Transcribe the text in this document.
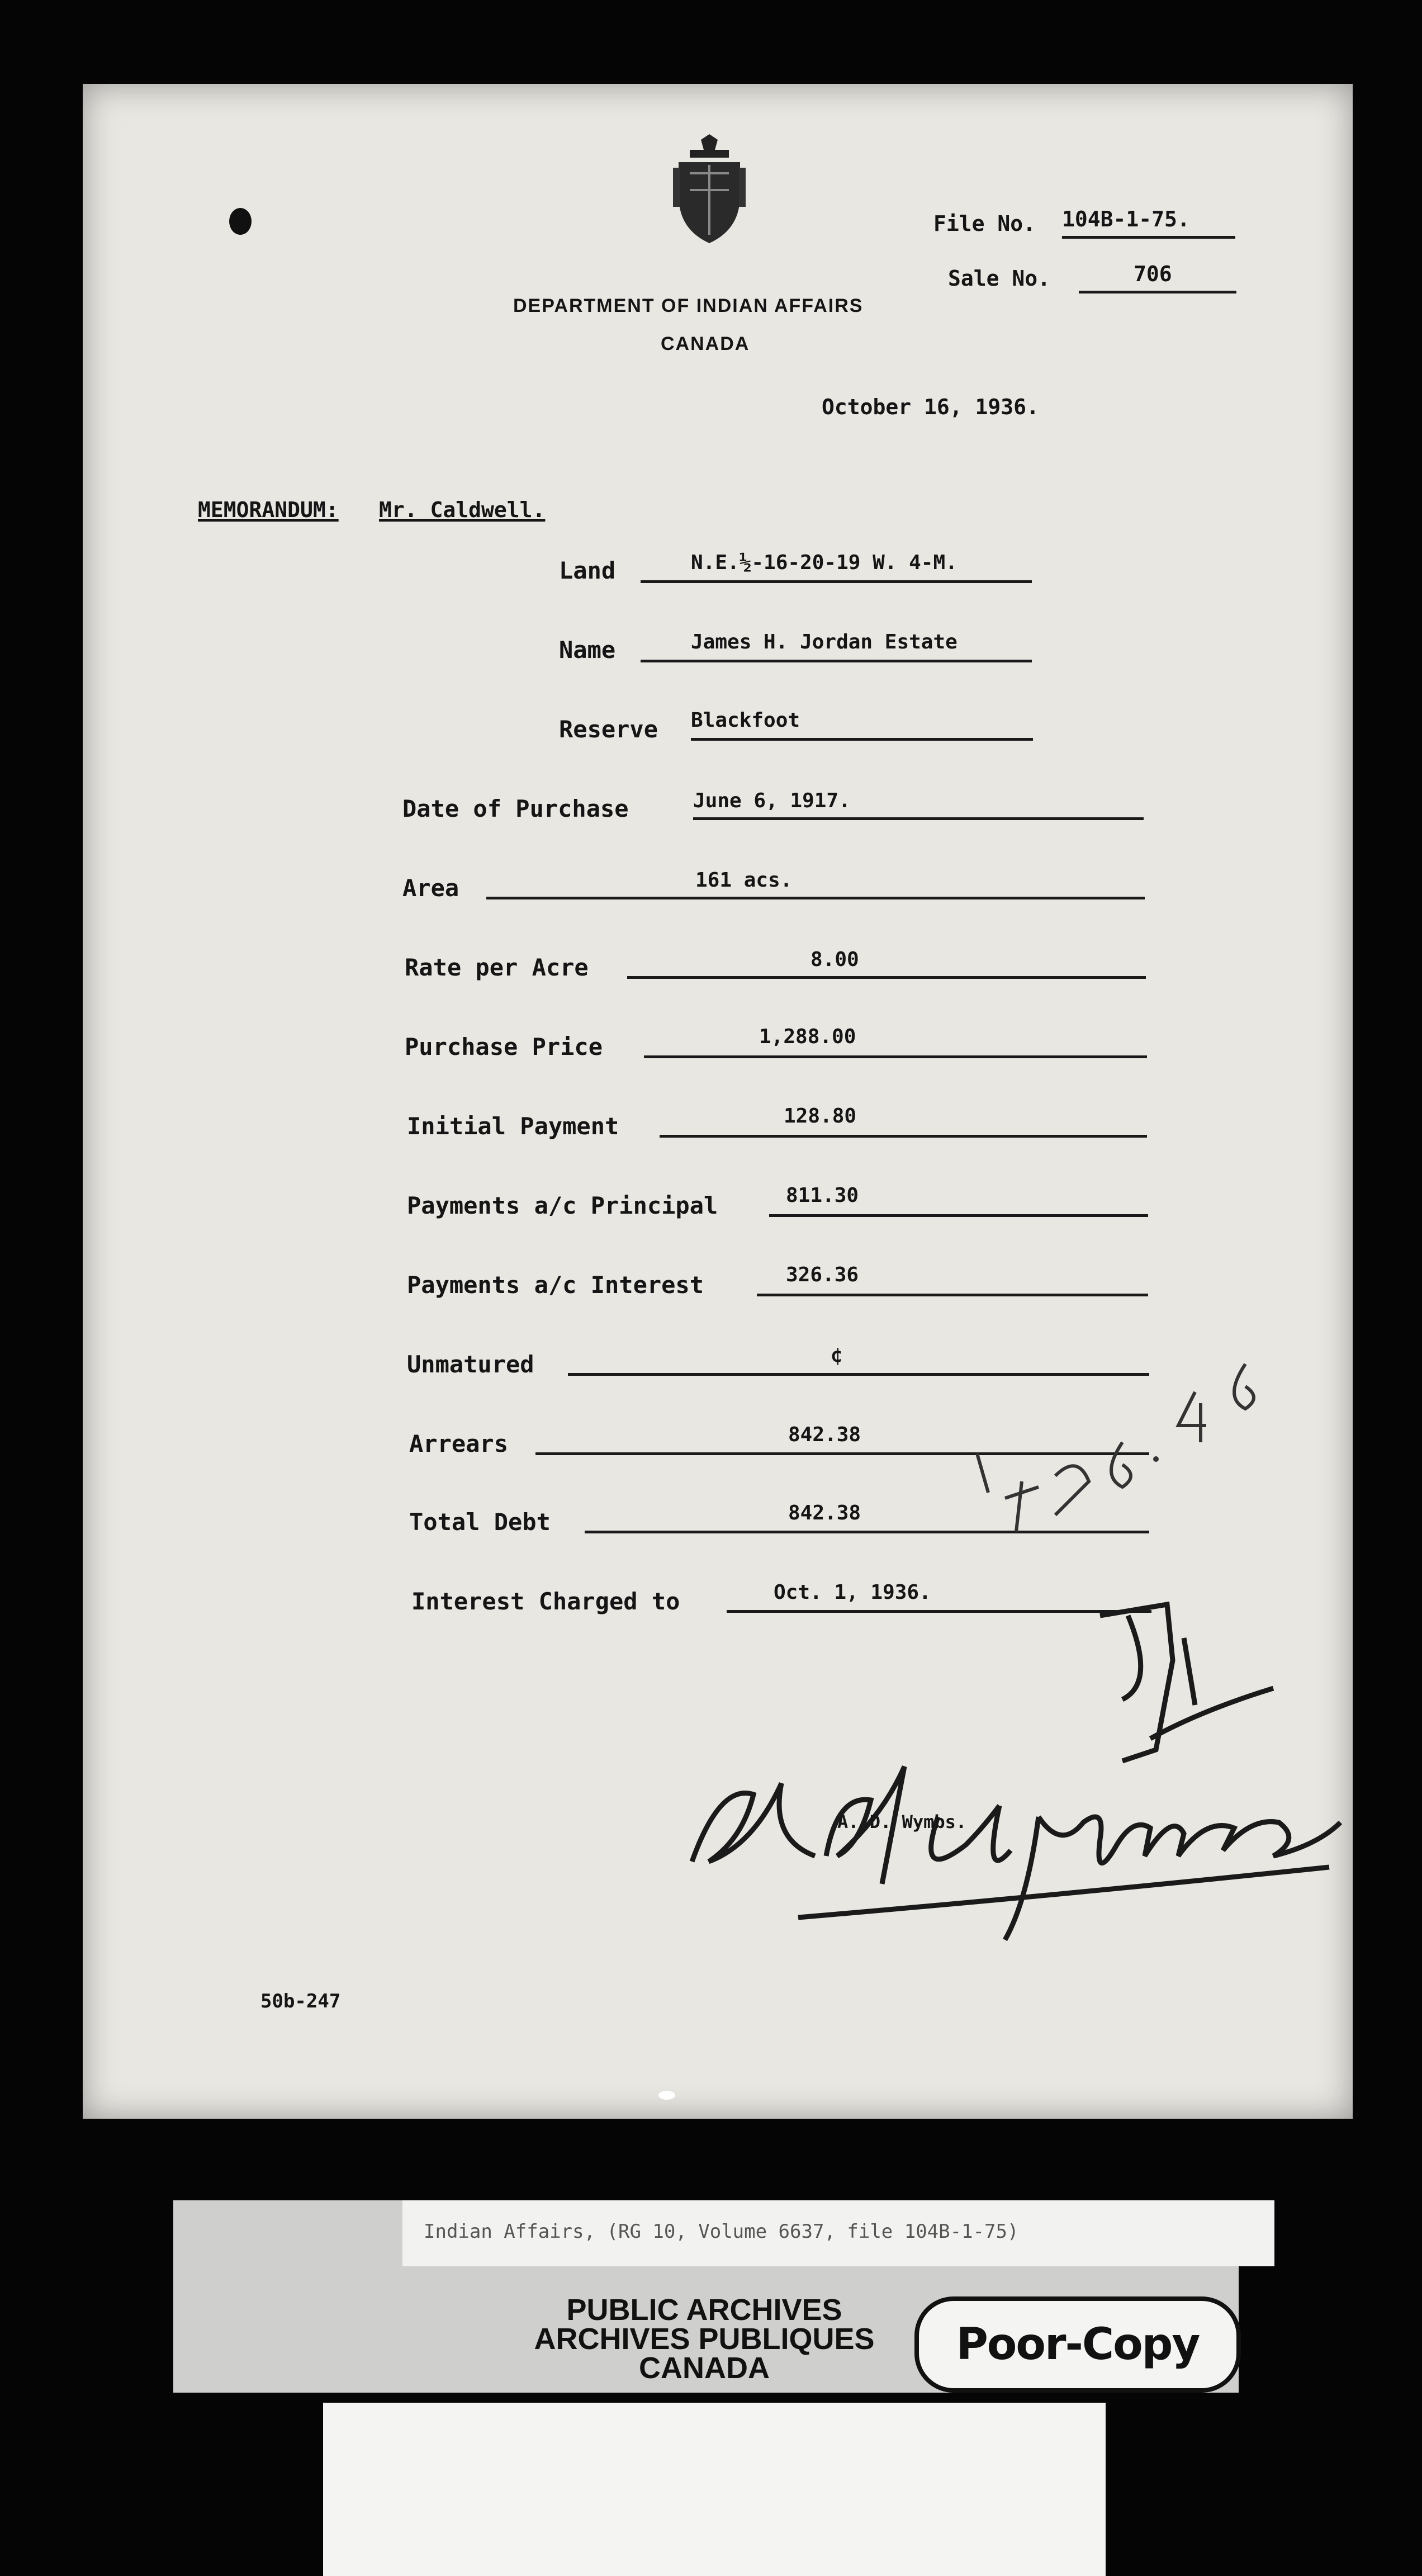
DEPARTMENT OF INDIAN AFFAIRS
CANADA
File No. 104B-1-75.
Sale No.	706
October 16, 1936.
MEMORANDUM: Mr. Caldwell.
Land	N.E.½-16-20-19 W. 4-M.
Name	James H. Jordan Estate
Reserve Blackfoot
Date of Purchase	June 6, 1917.
Area	161 acs.
Rate per Acre	8.00
Purchase Price	1,288.00
Initial Payment	128.80
Payments a/c Principal	811.30
Payments a/c Interest	326.36
Unmatured	¢
Arrears	842.38
Total Debt	842.38
Interest Charged to	Oct. 1, 1936.
A. D. Wymbs.
50b-247
Indian Affairs, (RG 10, Volume 6637, file 104B-1-75)
PUBLIC ARCHIVES
ARCHIVES PUBLIQUES
CANADA	Poor-Copy
